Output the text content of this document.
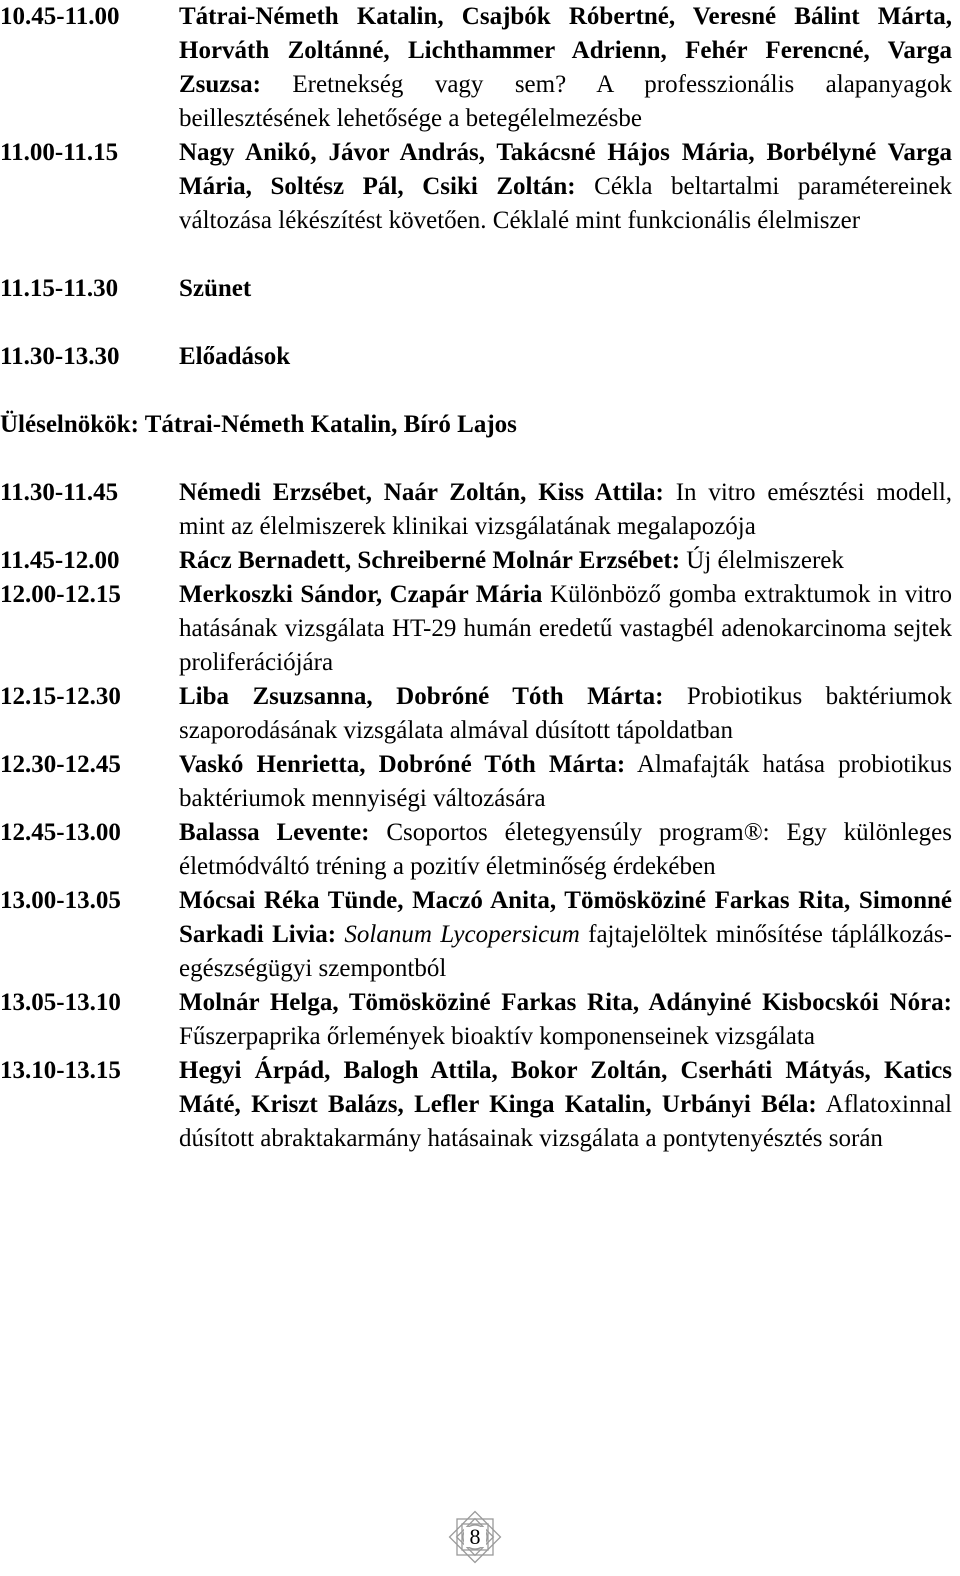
10.45-11.00	Tátrai-Németh Katalin, Csajbók Róbertné, Veresné Bálint Márta, Horváth Zoltánné, Lichthammer Adrienn, Fehér Ferencné, Varga Zsuzsa: Eretnekség vagy sem? A professzionális alapanyagok beillesztésének lehetősége a betegélelmezésbe
11.00-11.15	Nagy Anikó, Jávor András, Takácsné Hájos Mária, Borbélyné Varga Mária, Soltész Pál, Csiki Zoltán: Cékla beltartalmi paramétereinek változása lékészítést követően. Céklalé mint funkcionális élelmiszer
11.15-11.30	Szünet
11.30-13.30	Előadások
Üléselnökök: Tátrai-Németh Katalin, Bíró Lajos
11.30-11.45	Némedi Erzsébet, Naár Zoltán, Kiss Attila: In vitro emésztési modell, mint az élelmiszerek klinikai vizsgálatának megalapozója
11.45-12.00	Rácz Bernadett, Schreiberné Molnár Erzsébet: Új élelmiszerek
12.00-12.15	Merkoszki Sándor, Czapár Mária Különböző gomba extraktumok in vitro hatásának vizsgálata HT-29 humán eredetű vastagbél adenokarcinoma sejtek proliferációjára
12.15-12.30	Liba Zsuzsanna, Dobróné Tóth Márta: Probiotikus baktériumok szaporodásának vizsgálata almával dúsított tápoldatban
12.30-12.45	Vaskó Henrietta, Dobróné Tóth Márta: Almafajták hatása probiotikus baktériumok mennyiségi változására
12.45-13.00	Balassa Levente: Csoportos életegyensúly program®: Egy különleges életmódváltó tréning a pozitív életminőség érdekében
13.00-13.05	Mócsai Réka Tünde, Maczó Anita, Tömösköziné Farkas Rita, Simonné Sarkadi Livia: Solanum Lycopersicum fajtajelöltek minősítése táplálkozás-egészségügyi szempontból
13.05-13.10	Molnár Helga, Tömösköziné Farkas Rita, Adányiné Kisbocskói Nóra: Fűszerpaprika őrlemények bioaktív komponenseinek vizsgálata
13.10-13.15	Hegyi Árpád, Balogh Attila, Bokor Zoltán, Cserháti Mátyás, Katics Máté, Kriszt Balázs, Lefler Kinga Katalin, Urbányi Béla: Aflatoxinnal dúsított abraktakarmány hatásainak vizsgálata a pontytenyésztés során
8
